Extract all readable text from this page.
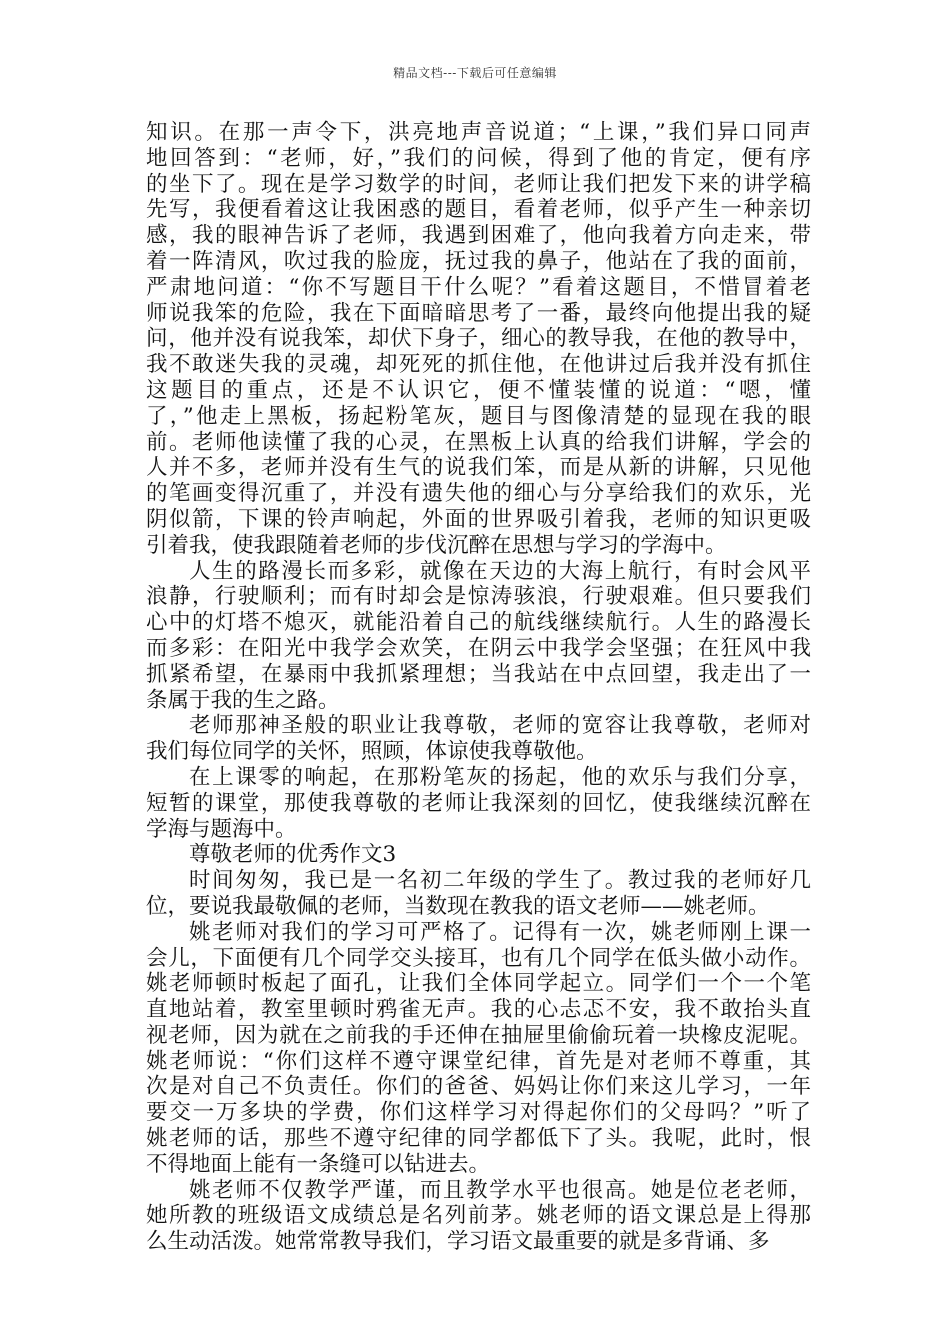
精品文档---下载后可任意编辑
知识。在那一声令下，洪亮地声音说道；“上课，”我们异口同声
地回答到：“老师，好，”我们的问候，得到了他的肯定，便有序
的坐下了。现在是学习数学的时间，老师让我们把发下来的讲学稿
先写，我便看着这让我困惑的题目，看着老师，似乎产生一种亲切
感，我的眼神告诉了老师，我遇到困难了，他向我着方向走来，带
着一阵清风，吹过我的脸庞，抚过我的鼻子，他站在了我的面前，
严肃地问道：“你不写题目干什么呢？”看着这题目，不惜冒着老
师说我笨的危险，我在下面暗暗思考了一番，最终向他提出我的疑
问，他并没有说我笨，却伏下身子，细心的教导我，在他的教导中，
我不敢迷失我的灵魂，却死死的抓住他，在他讲过后我并没有抓住
这题目的重点，还是不认识它，便不懂装懂的说道：“嗯，懂
了，”他走上黑板，扬起粉笔灰，题目与图像清楚的显现在我的眼
前。老师他读懂了我的心灵，在黑板上认真的给我们讲解，学会的
人并不多，老师并没有生气的说我们笨，而是从新的讲解，只见他
的笔画变得沉重了，并没有遗失他的细心与分享给我们的欢乐，光
阴似箭，下课的铃声响起，外面的世界吸引着我，老师的知识更吸
引着我，使我跟随着老师的步伐沉醉在思想与学习的学海中。
人生的路漫长而多彩，就像在天边的大海上航行，有时会风平
浪静，行驶顺利；而有时却会是惊涛骇浪，行驶艰难。但只要我们
心中的灯塔不熄灭，就能沿着自己的航线继续航行。人生的路漫长
而多彩：在阳光中我学会欢笑，在阴云中我学会坚强；在狂风中我
抓紧希望，在暴雨中我抓紧理想；当我站在中点回望，我走出了一
条属于我的生之路。
老师那神圣般的职业让我尊敬，老师的宽容让我尊敬，老师对
我们每位同学的关怀，照顾，体谅使我尊敬他。
在上课零的响起，在那粉笔灰的扬起，他的欢乐与我们分享，
短暂的课堂，那使我尊敬的老师让我深刻的回忆，使我继续沉醉在
学海与题海中。
尊敬老师的优秀作文3
时间匆匆，我已是一名初二年级的学生了。教过我的老师好几
位，要说我最敬佩的老师，当数现在教我的语文老师——姚老师。
姚老师对我们的学习可严格了。记得有一次，姚老师刚上课一
会儿，下面便有几个同学交头接耳，也有几个同学在低头做小动作。
姚老师顿时板起了面孔，让我们全体同学起立。同学们一个一个笔
直地站着，教室里顿时鸦雀无声。我的心忐忑不安，我不敢抬头直
视老师，因为就在之前我的手还伸在抽屉里偷偷玩着一块橡皮泥呢。
姚老师说：“你们这样不遵守课堂纪律，首先是对老师不尊重，其
次是对自己不负责任。你们的爸爸、妈妈让你们来这儿学习，一年
要交一万多块的学费，你们这样学习对得起你们的父母吗？”听了
姚老师的话，那些不遵守纪律的同学都低下了头。我呢，此时，恨
不得地面上能有一条缝可以钻进去。
姚老师不仅教学严谨，而且教学水平也很高。她是位老老师，
她所教的班级语文成绩总是名列前茅。姚老师的语文课总是上得那
么生动活泼。她常常教导我们，学习语文最重要的就是多背诵、多
